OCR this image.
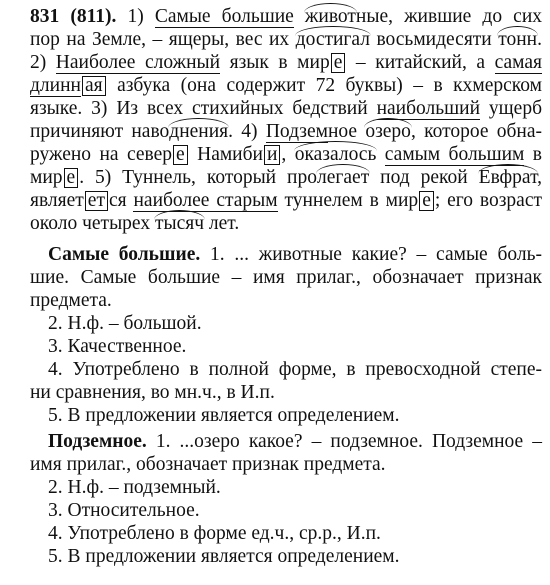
831 (811). 1) Самые большие животные, жившие до сих
пор на Земле, – ящеры, вес их достигал восьмидесяти тонн.
2) Наиболее сложный язык в мир е – китайский, а самая
длинн ая азбука (она содержит 72 буквы) – в кхмерском
языке. 3) Из всех стихийных бедствий наибольший ущерб
причиняют наводнения. 4) Подземное озеро, которое обна-
ружено на север е Намиби и , оказалось самым большим в
мир е . 5) Туннель, который пролегает под рекой Евфрат,
являет ет ся наиболее старым туннелем в мир е ; его возраст
около четырех тысяч лет.
Самые большие. 1. ... животные какие? – самые боль-
шие. Самые большие – имя прилаг., обозначает признак
предмета.
2. Н.ф. – большой.
3. Качественное.
4. Употреблено в полной форме, в превосходной степе-
ни сравнения, во мн.ч., в И.п.
5. В предложении является определением.
Подземное. 1. ...озеро какое? – подземное. Подземное –
имя прилаг., обозначает признак предмета.
2. Н.ф. – подземный.
3. Относительное.
4. Употреблено в форме ед.ч., ср.р., И.п.
5. В предложении является определением.
